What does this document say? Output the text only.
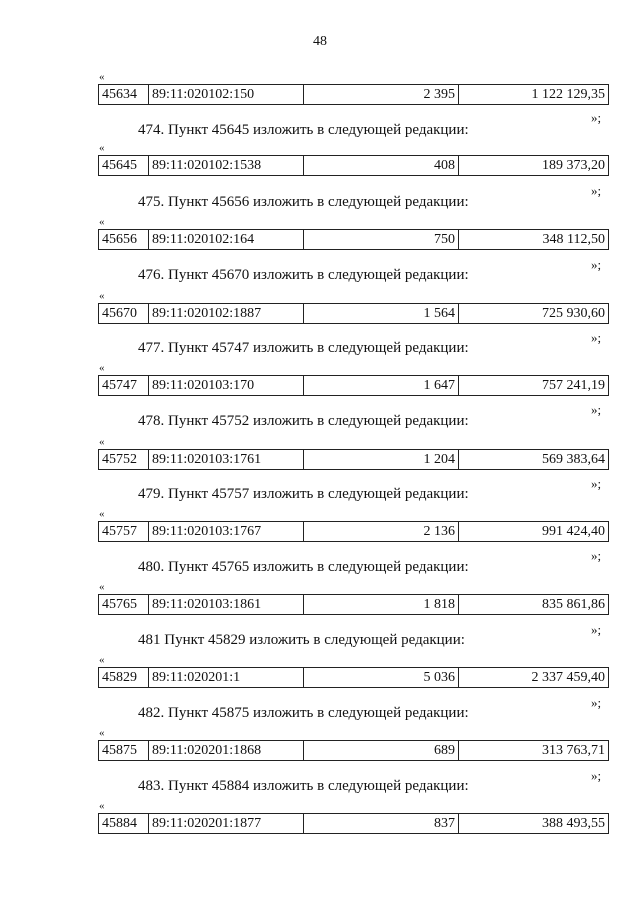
48
«
45634	89:11:020102:150	2 395	1 122 129,35
»;
474. Пункт 45645 изложить в следующей редакции:
«
45645	89:11:020102:1538	408	189 373,20
»;
475. Пункт 45656 изложить в следующей редакции:
«
45656	89:11:020102:164	750	348 112,50
»;
476. Пункт 45670 изложить в следующей редакции:
«
45670	89:11:020102:1887	1 564	725 930,60
»;
477. Пункт 45747 изложить в следующей редакции:
«
45747	89:11:020103:170	1 647	757 241,19
»;
478. Пункт 45752 изложить в следующей редакции:
«
45752	89:11:020103:1761	1 204	569 383,64
»;
479. Пункт 45757 изложить в следующей редакции:
«
45757	89:11:020103:1767	2 136	991 424,40
»;
480. Пункт 45765 изложить в следующей редакции:
«
45765	89:11:020103:1861	1 818	835 861,86
»;
481 Пункт 45829 изложить в следующей редакции:
«
45829	89:11:020201:1	5 036	2 337 459,40
»;
482. Пункт 45875 изложить в следующей редакции:
«
45875	89:11:020201:1868	689	313 763,71
»;
483. Пункт 45884 изложить в следующей редакции:
«
45884	89:11:020201:1877	837	388 493,55
